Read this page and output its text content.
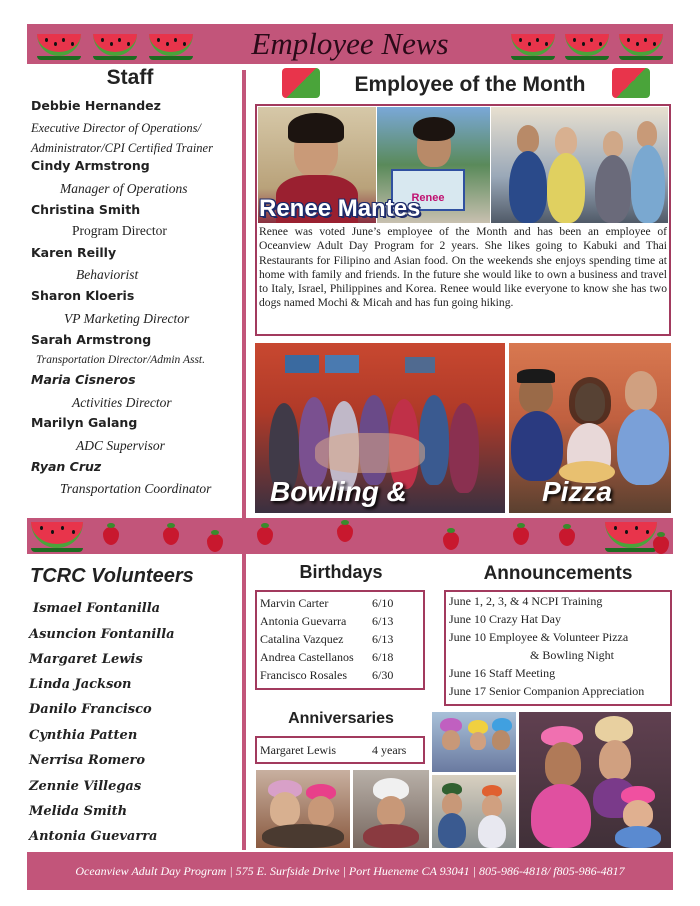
Employee News
Staff
Debbie Hernandez
Executive Director of Operations/ Administrator/CPI Certified Trainer
Cindy Armstrong
Manager of Operations
Christina Smith
Program Director
Karen Reilly
Behaviorist
Sharon Kloeris
VP Marketing Director
Sarah Armstrong
Transportation Director/Admin Asst.
Maria Cisneros
Activities Director
Marilyn Galang
ADC Supervisor
Ryan Cruz
Transportation Coordinator
Employee of the Month
Renee
Renee Mantes
Renee was voted June’s employee of the Month and has been an employee of Oceanview Adult Day Program for 2 years. She likes going to Kabuki and Thai Restaurants for Filipino and Asian food. On the weekends she enjoys spending time at home with family and friends. In the future she would like to own a business and travel to Italy, Israel, Philippines and Korea. Renee would like everyone to know she has two dogs named Mochi & Micah and has fun going hiking.
Bowling &	Pizza
TCRC Volunteers
Ismael Fontanilla
Asuncion Fontanilla
Margaret Lewis
Linda Jackson
Danilo Francisco
Cynthia Patten
Nerrisa Romero
Zennie Villegas
Melida Smith
Antonia Guevarra
Birthdays
Marvin Carter	6/10
Antonia Guevarra 6/13
Catalina Vazquez 6/13
Andrea Castellanos 6/18
Francisco Rosales 6/30
Anniversaries
Margaret Lewis	4 years
Announcements
June 1, 2, 3, & 4 NCPI Training
June 10 Crazy Hat Day
June 10 Employee & Volunteer Pizza
& Bowling Night
June 16 Staff Meeting
June 17 Senior Companion Appreciation
Oceanview Adult Day Program | 575 E. Surfside Drive | Port Hueneme CA 93041 | 805-986-4818/ f805-986-4817
